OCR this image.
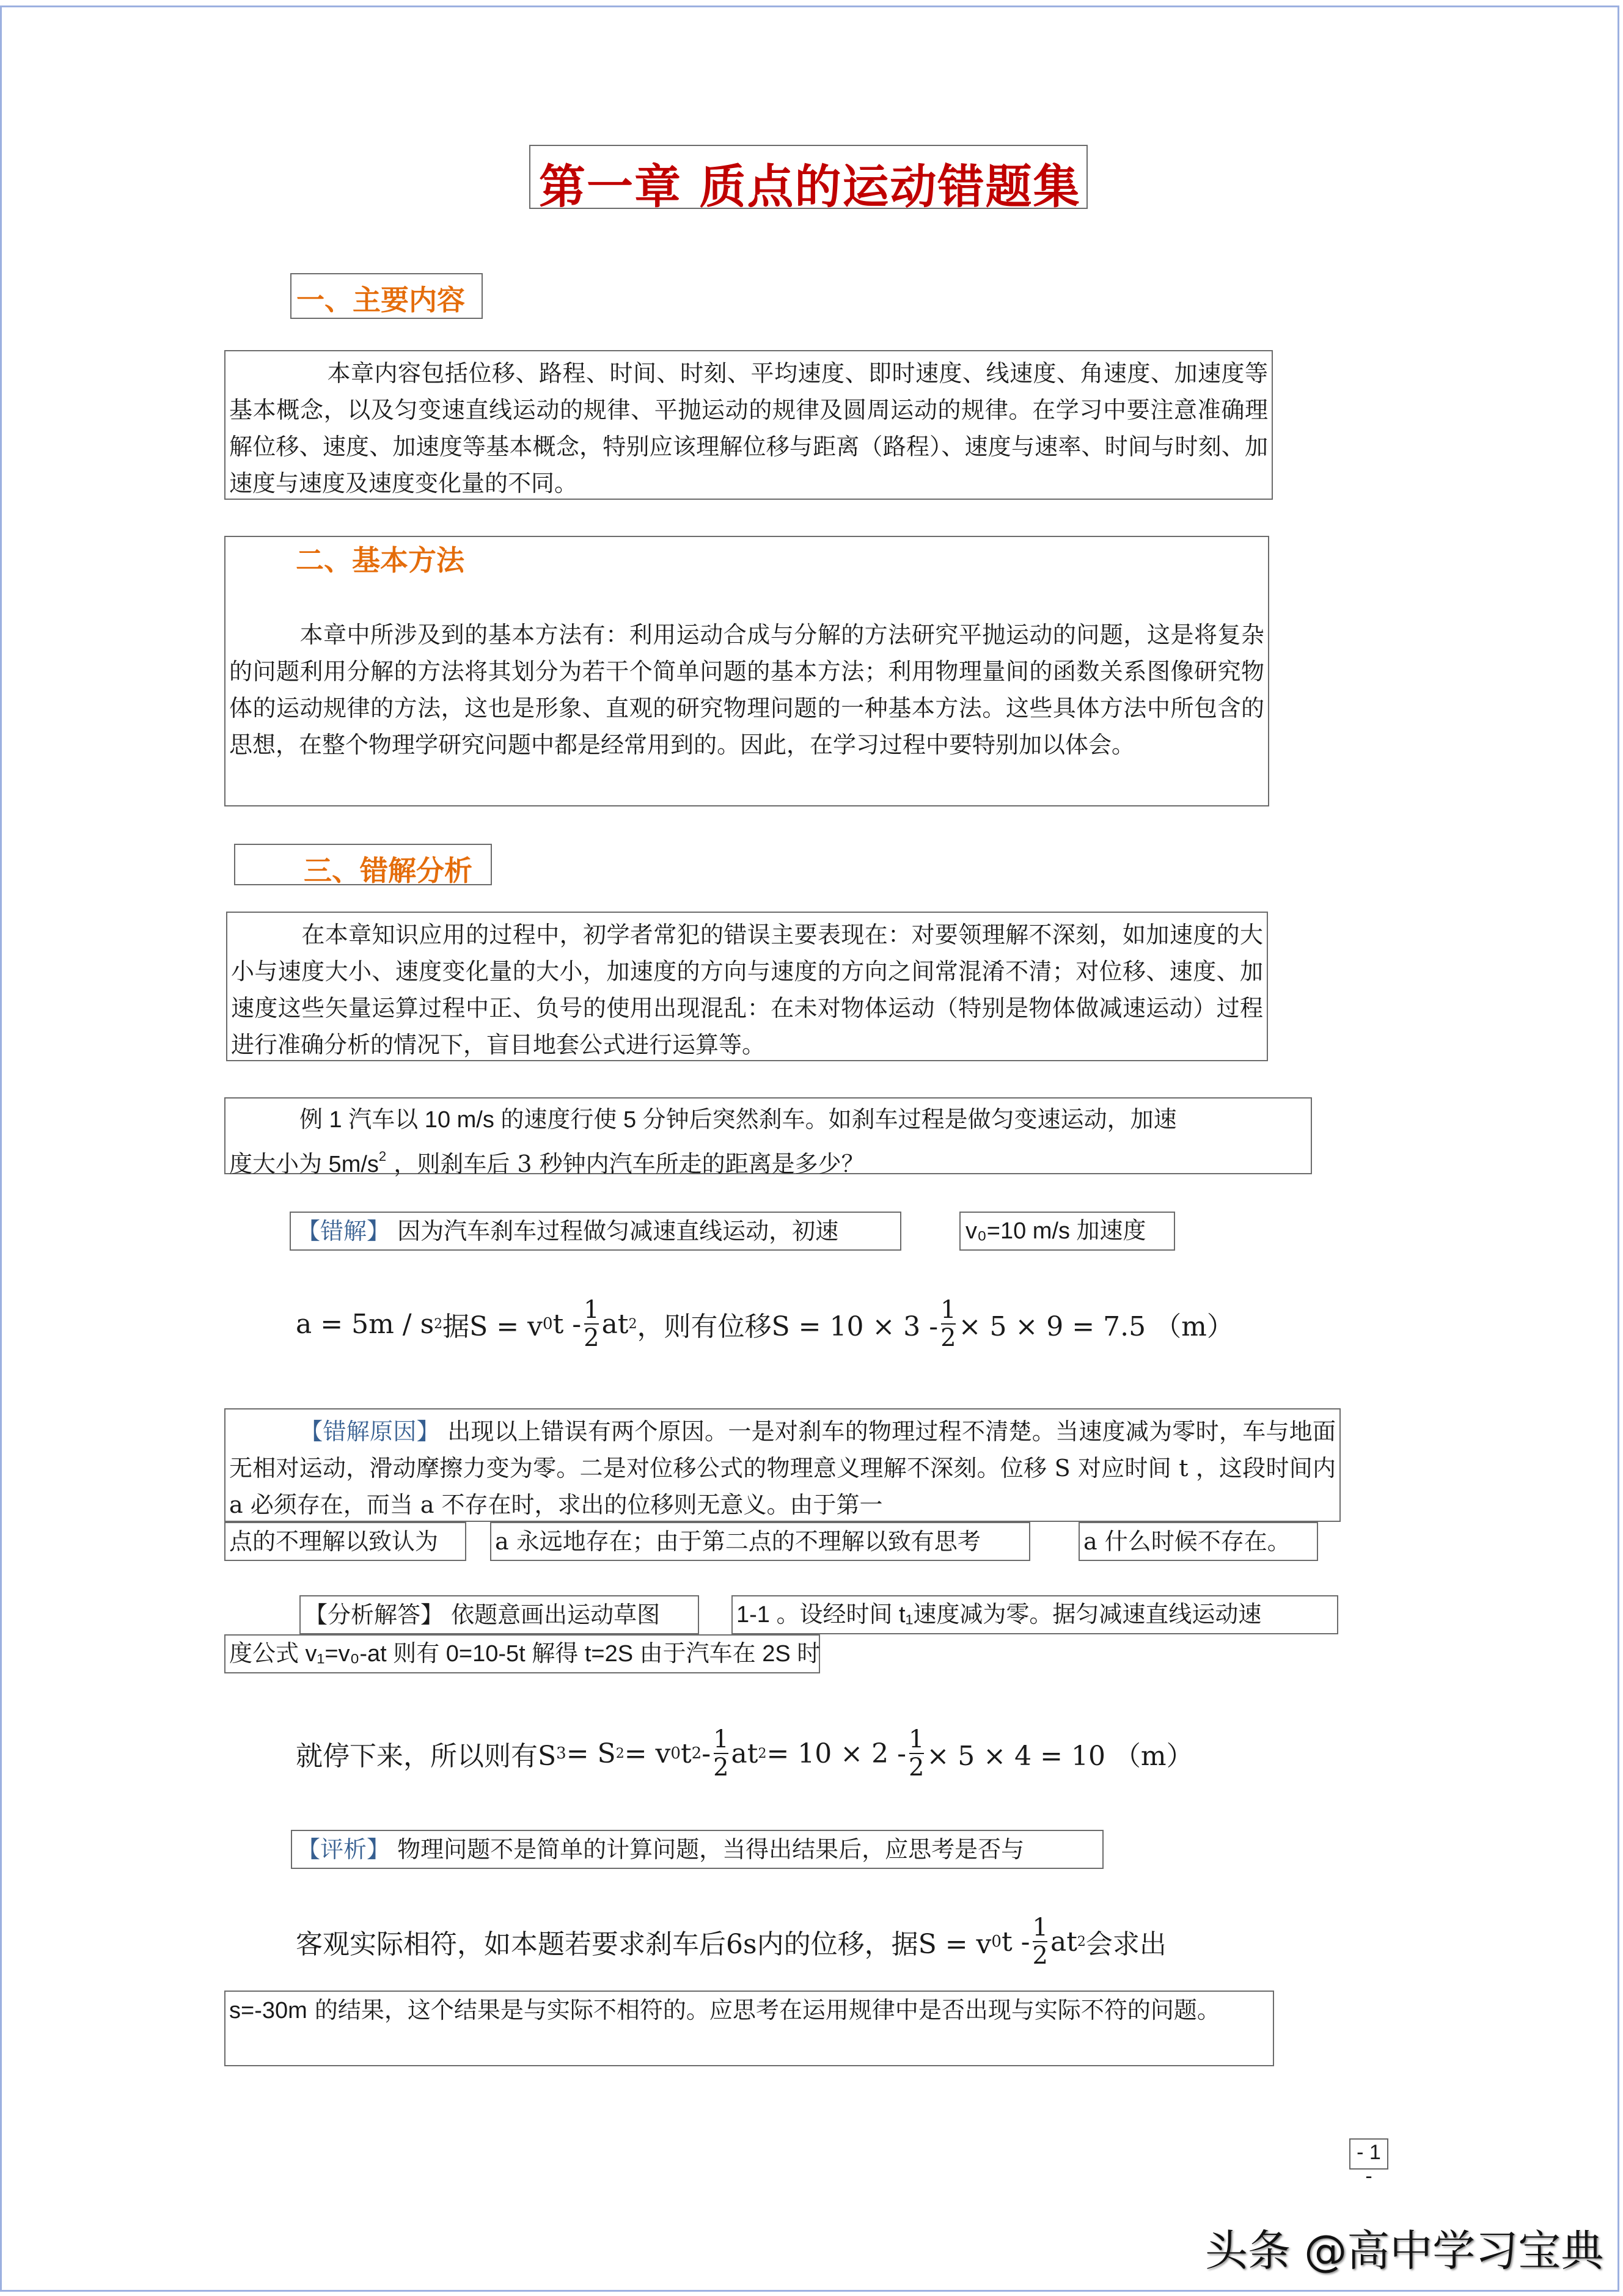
第一章 质点的运动错题集
一、主要内容
本章内容包括位移、路程、时间、时刻、平均速度、即时速度、线速度、角速度、加速度等基本概念，以及匀变速直线运动的规律、平抛运动的规律及圆周运动的规律。在学习中要注意准确理解位移、速度、加速度等基本概念，特别应该理解位移与距离（路程）、速度与速率、时间与时刻、加速度与速度及速度变化量的不同。
二、基本方法
本章中所涉及到的基本方法有：利用运动合成与分解的方法研究平抛运动的问题，这是将复杂的问题利用分解的方法将其划分为若干个简单问题的基本方法；利用物理量间的函数关系图像研究物体的运动规律的方法，这也是形象、直观的研究物理问题的一种基本方法。这些具体方法中所包含的思想，在整个物理学研究问题中都是经常用到的。因此，在学习过程中要特别加以体会。
三、错解分析
在本章知识应用的过程中，初学者常犯的错误主要表现在：对要领理解不深刻，如加速度的大小与速度大小、速度变化量的大小，加速度的方向与速度的方向之间常混淆不清；对位移、速度、加速度这些矢量运算过程中正、负号的使用出现混乱：在未对物体运动（特别是物体做减速运动）过程进行准确分析的情况下，盲目地套公式进行运算等。
例 1 汽车以 10 m/s 的速度行使 5 分钟后突然刹车。如刹车过程是做匀变速运动，加速
度大小为 $5m/s^2$ ，则刹车后 3 秒钟内汽车所走的距离是多少？
【错解】 因为汽车刹车过程做匀减速直线运动，初速	v₀=10 m/s 加速度
a = 5m / s 2 据S = v 0 t - $\frac{1}{2}$ at 2 ，则有位移$S = 10 \times 3 - \frac{1}{2} \times 5 \times 9 = 7.5$ （m）
【错解原因】 出现以上错误有两个原因。一是对刹车的物理过程不清楚。当速度减为零时，车与地面无相对运动，滑动摩擦力变为零。二是对位移公式的物理意义理解不深刻。位移 S 对应时间 t ，这段时间内 a 必须存在，而当 a 不存在时，求出的位移则无意义。由于第一
点的不理解以致认为	a 永远地存在；由于第二点的不理解以致有思考	a 什么时候不存在。
【分析解答】 依题意画出运动草图	1-1 。设经时间 t₁速度减为零。据匀减速直线运动速
度公式 v₁=v₀-at 则有 0=10-5t 解得 t=2S 由于汽车在 2S 时
就停下来，所以则有S 3 = S 2 = v 0 t $2 - \frac{1}{2}$ at $2 = 10 \times 2 - \frac{1}{2} \times 5 \times 4 = 10$ （m）
【评析】 物理问题不是简单的计算问题，当得出结果后，应思考是否与
客观实际相符，如本题若要求刹车后6s内的位移，据S = v 0 t - $\frac{1}{2}$ at 2 会求出
s=-30m 的结果，这个结果是与实际不相符的。应思考在运用规律中是否出现与实际不符的问题。
- 1 -
头条 @高中学习宝典
